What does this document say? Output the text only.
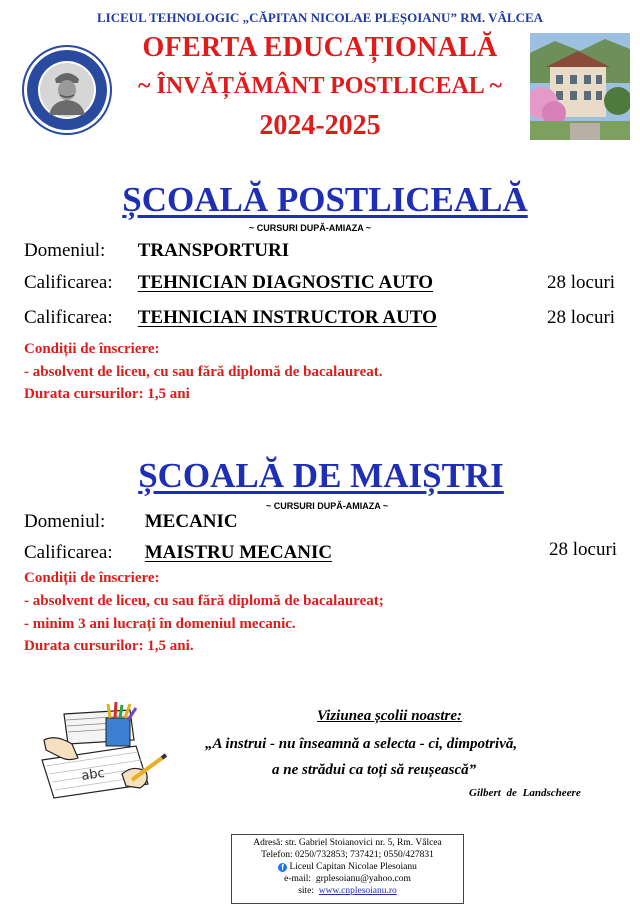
LICEUL TEHNOLOGIC „CĂPITAN NICOLAE PLEȘOIANU” RM. VÂLCEA
OFERTA EDUCAȚIONALĂ
~ ÎNVĂȚĂMÂNT POSTLICEAL ~
2024-2025
ȘCOALĂ POSTLICEALĂ
~ CURSURI DUPĂ-AMIAZA ~
Domeniul: TRANSPORTURI
Calificarea: TEHNICIAN DIAGNOSTIC AUTO	28 locuri
Calificarea: TEHNICIAN INSTRUCTOR AUTO	28 locuri
Condiții de înscriere:
- absolvent de liceu, cu sau fără diplomă de bacalaureat.
Durata cursurilor: 1,5 ani
ȘCOALĂ DE MAIȘTRI
~ CURSURI DUPĂ-AMIAZA ~
Domeniul: MECANIC
Calificarea: MAISTRU MECANIC	28 locuri
Condiții de înscriere:
- absolvent de liceu, cu sau fără diplomă de bacalaureat;
- minim 3 ani lucrați în domeniul mecanic.
Durata cursurilor: 1,5 ani.
abc
Viziunea școlii noastre:
„A instrui - nu înseamnă a selecta - ci, dimpotrivă,
a ne strădui ca toți să reușească”
Gilbert de Landscheere
Adresă: str. Gabriel Stoianovici nr. 5, Rm. Vâlcea
Telefon: 0250/732853; 737421; 0550/427831
f Liceul Capitan Nicolae Plesoianu
e-mail: grplesoianu@yahoo.com
site: www.cnplesoianu.ro
